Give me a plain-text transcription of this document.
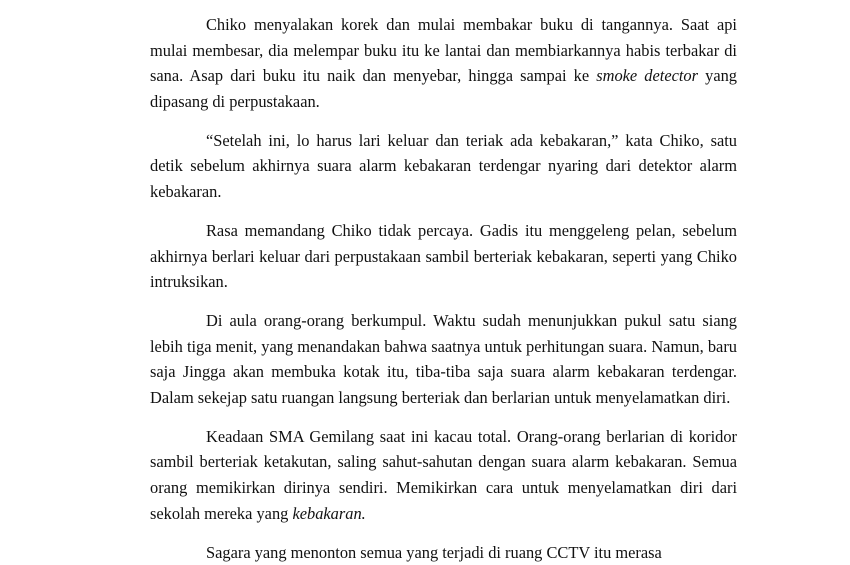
Chiko menyalakan korek dan mulai membakar buku di tangannya. Saat api mulai membesar, dia melempar buku itu ke lantai dan membiarkannya habis terbakar di sana. Asap dari buku itu naik dan menyebar, hingga sampai ke smoke detector yang dipasang di perpustakaan.

“Setelah ini, lo harus lari keluar dan teriak ada kebakaran,” kata Chiko, satu detik sebelum akhirnya suara alarm kebakaran terdengar nyaring dari detektor alarm kebakaran.

Rasa memandang Chiko tidak percaya. Gadis itu menggeleng pelan, sebelum akhirnya berlari keluar dari perpustakaan sambil berteriak kebakaran, seperti yang Chiko intruksikan.

Di aula orang-orang berkumpul. Waktu sudah menunjukkan pukul satu siang lebih tiga menit, yang menandakan bahwa saatnya untuk perhitungan suara. Namun, baru saja Jingga akan membuka kotak itu, tiba-tiba saja suara alarm kebakaran terdengar. Dalam sekejap satu ruangan langsung berteriak dan berlarian untuk menyelamatkan diri.

Keadaan SMA Gemilang saat ini kacau total. Orang-orang berlarian di koridor sambil berteriak ketakutan, saling sahut-sahutan dengan suara alarm kebakaran. Semua orang memikirkan dirinya sendiri. Memikirkan cara untuk menyelamatkan diri dari sekolah mereka yang kebakaran.

Sagara yang menonton semua yang terjadi di ruang CCTV itu merasa
